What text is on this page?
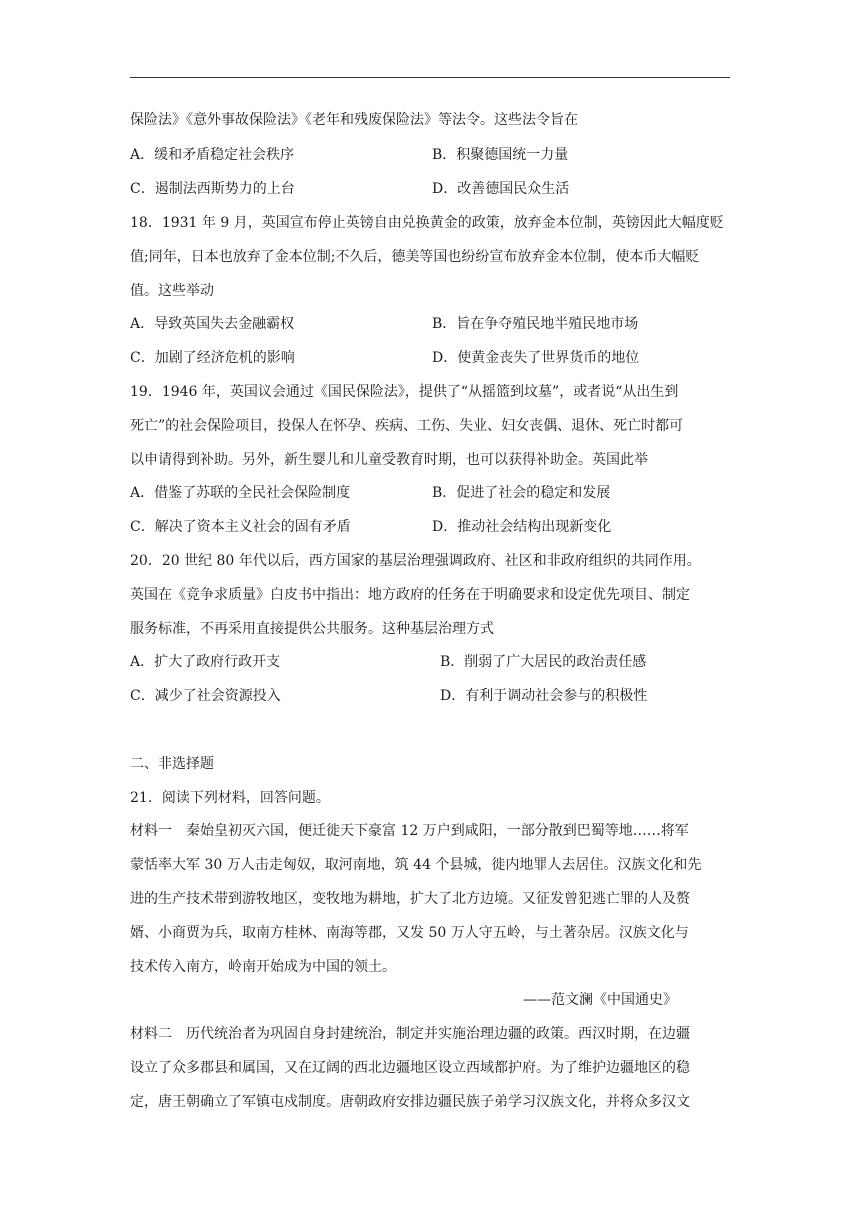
保险法》《意外事故保险法》《老年和残废保险法》等法令。这些法令旨在
A．缓和矛盾稳定社会秩序	B．积聚德国统一力量
C．遏制法西斯势力的上台	D．改善德国民众生活
18．1931 年 9 月，英国宣布停止英镑自由兑换黄金的政策，放弃金本位制，英镑因此大幅度贬
值;同年，日本也放弃了金本位制;不久后，德美等国也纷纷宣布放弃金本位制，使本币大幅贬
值。这些举动
A．导致英国失去金融霸权	B．旨在争夺殖民地半殖民地市场
C．加剧了经济危机的影响	D．使黄金丧失了世界货币的地位
19．1946 年，英国议会通过《国民保险法》，提供了“从摇篮到坟墓”，或者说“从出生到
死亡”的社会保险项目，投保人在怀孕、疾病、工伤、失业、妇女丧偶、退休、死亡时都可
以申请得到补助。另外，新生婴儿和儿童受教育时期，也可以获得补助金。英国此举
A．借鉴了苏联的全民社会保险制度	B．促进了社会的稳定和发展
C．解决了资本主义社会的固有矛盾	D．推动社会结构出现新变化
20．20 世纪 80 年代以后，西方国家的基层治理强调政府、社区和非政府组织的共同作用。
英国在《竞争求质量》白皮书中指出：地方政府的任务在于明确要求和设定优先项目、制定
服务标准，不再采用直接提供公共服务。这种基层治理方式
A．扩大了政府行政开支	B．削弱了广大居民的政治责任感
C．减少了社会资源投入	D．有利于调动社会参与的积极性
二、非选择题
21．阅读下列材料，回答问题。
材料一　秦始皇初灭六国，便迁徙天下豪富 12 万户到咸阳，一部分散到巴蜀等地……将军
蒙恬率大军 30 万人击走匈奴，取河南地，筑 44 个县城，徙内地罪人去居住。汉族文化和先
进的生产技术带到游牧地区，变牧地为耕地，扩大了北方边境。又征发曾犯逃亡罪的人及赘
婿、小商贾为兵，取南方桂林、南海等郡，又发 50 万人守五岭，与土著杂居。汉族文化与
技术传入南方，岭南开始成为中国的领土。
——范文澜《中国通史》
材料二　历代统治者为巩固自身封建统治，制定并实施治理边疆的政策。西汉时期，在边疆
设立了众多郡县和属国，又在辽阔的西北边疆地区设立西域都护府。为了维护边疆地区的稳
定，唐王朝确立了军镇屯戍制度。唐朝政府安排边疆民族子弟学习汉族文化，并将众多汉文
